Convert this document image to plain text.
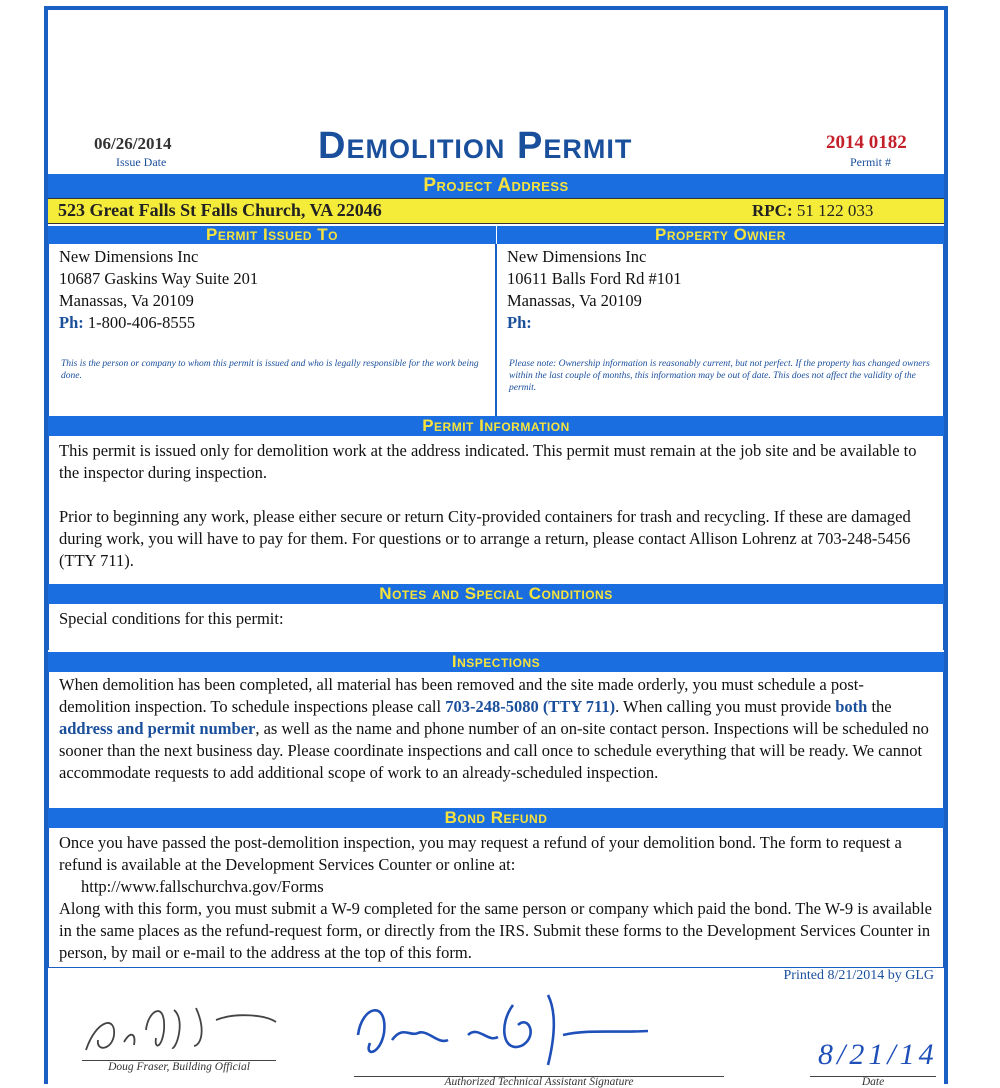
06/26/2014
Issue Date	Demolition Permit	2014 0182
Permit #
Project Address
523 Great Falls St Falls Church, VA 22046	RPC: 51 122 033
Permit Issued To	Property Owner
New Dimensions Inc
10687 Gaskins Way Suite 201
Manassas, Va 20109
Ph: 1-800-406-8555
This is the person or company to whom this permit is issued and who is legally responsible for the work being done.
New Dimensions Inc
10611 Balls Ford Rd #101
Manassas, Va 20109
Ph:
Please note: Ownership information is reasonably current, but not perfect. If the property has changed owners within the last couple of months, this information may be out of date. This does not affect the validity of the permit.
Permit Information
This permit is issued only for demolition work at the address indicated. This permit must remain at the job site and be available to the inspector during inspection.
Prior to beginning any work, please either secure or return City-provided containers for trash and recycling. If these are damaged during work, you will have to pay for them. For questions or to arrange a return, please contact Allison Lohrenz at 703-248-5456 (TTY 711).
Notes and Special Conditions
Special conditions for this permit:
Inspections
When demolition has been completed, all material has been removed and the site made orderly, you must schedule a post-demolition inspection. To schedule inspections please call 703-248-5080 (TTY 711). When calling you must provide both the address and permit number, as well as the name and phone number of an on-site contact person. Inspections will be scheduled no sooner than the next business day. Please coordinate inspections and call once to schedule everything that will be ready. We cannot accommodate requests to add additional scope of work to an already-scheduled inspection.
Bond Refund
Once you have passed the post-demolition inspection, you may request a refund of your demolition bond. The form to request a refund is available at the Development Services Counter or online at:
http://www.fallschurchva.gov/Forms
Along with this form, you must submit a W-9 completed for the same person or company which paid the bond. The W-9 is available in the same places as the refund-request form, or directly from the IRS. Submit these forms to the Development Services Counter in person, by mail or e-mail to the address at the top of this form.
Printed 8/21/2014 by GLG
Doug Fraser, Building Official
Authorized Technical Assistant Signature
8/21/14
Date
